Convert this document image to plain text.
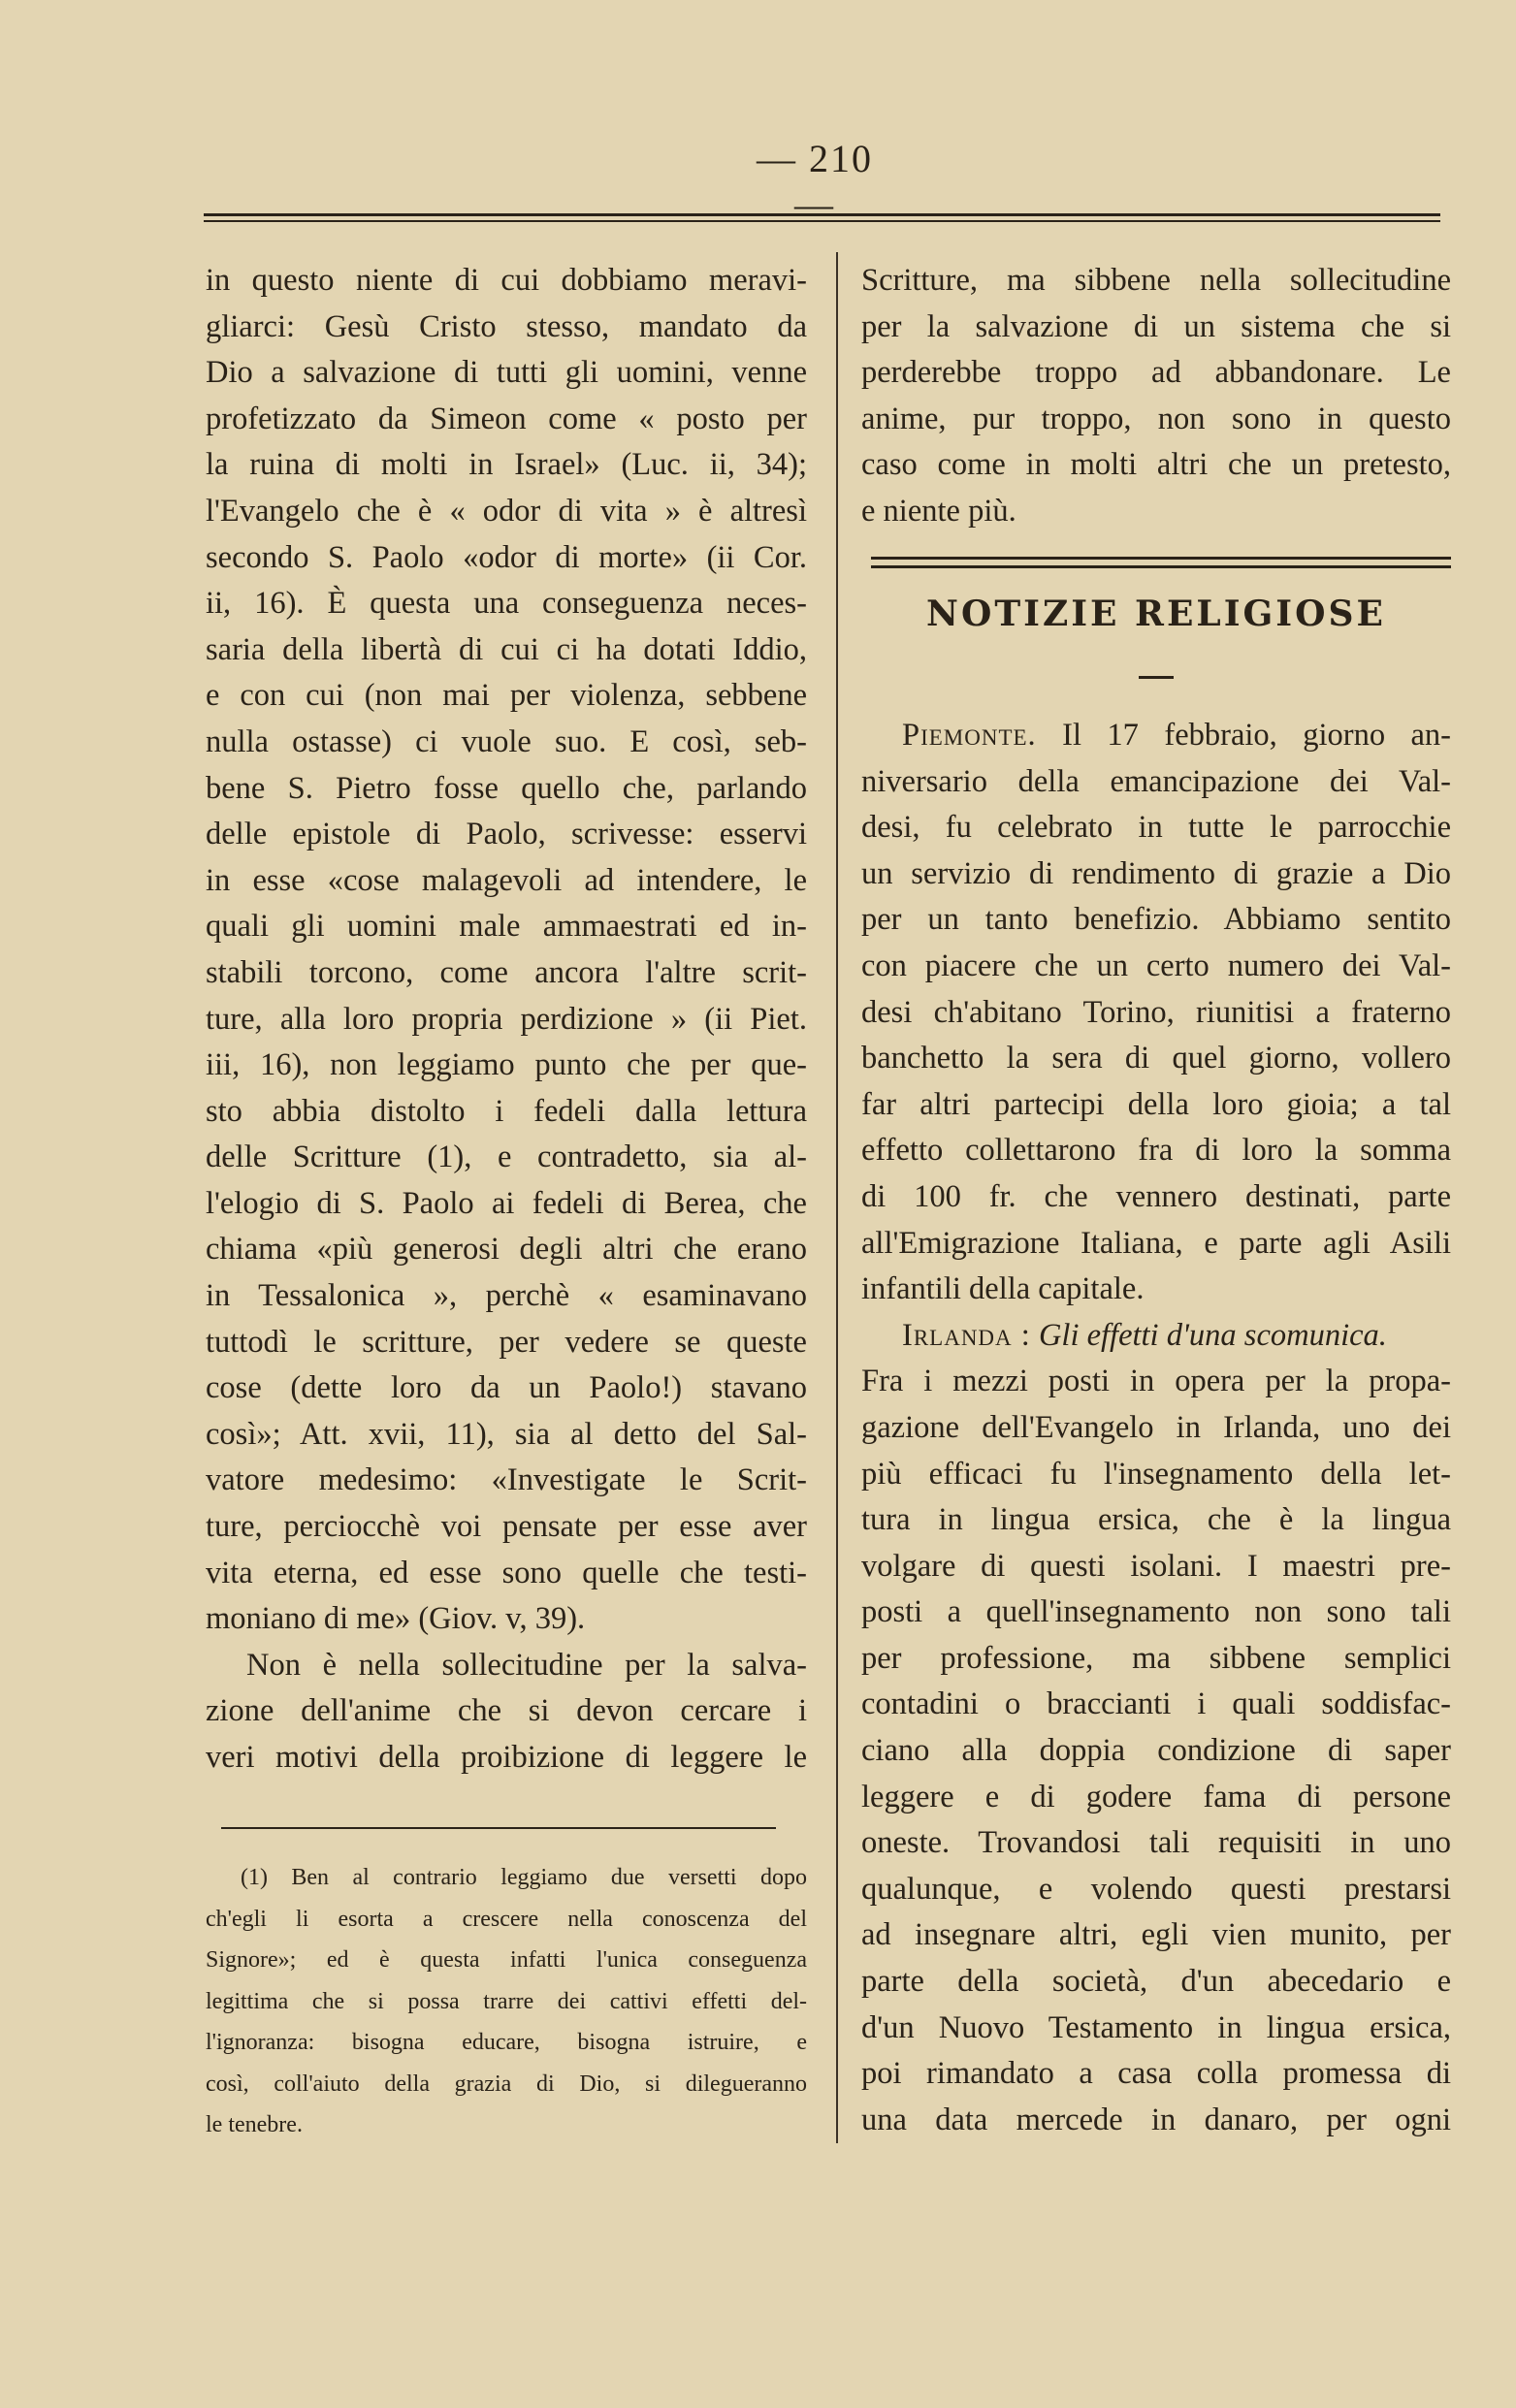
— 210 —

in questo niente di cui dobbiamo meravi-
gliarci: Gesù Cristo stesso, mandato da
Dio a salvazione di tutti gli uomini, venne
profetizzato da Simeon come « posto per
la ruina di molti in Israel» (Luc. ii, 34);
l'Evangelo che è « odor di vita » è altresì
secondo S. Paolo «odor di morte» (ii Cor.
ii, 16). È questa una conseguenza neces-
saria della libertà di cui ci ha dotati Iddio,
e con cui (non mai per violenza, sebbene
nulla ostasse) ci vuole suo. E così, seb-
bene S. Pietro fosse quello che, parlando
delle epistole di Paolo, scrivesse: esservi
in esse «cose malagevoli ad intendere, le
quali gli uomini male ammaestrati ed in-
stabili torcono, come ancora l'altre scrit-
ture, alla loro propria perdizione » (ii Piet.
iii, 16), non leggiamo punto che per que-
sto abbia distolto i fedeli dalla lettura
delle Scritture (1), e contradetto, sia al-
l'elogio di S. Paolo ai fedeli di Berea, che
chiama «più generosi degli altri che erano
in Tessalonica », perchè « esaminavano
tuttodì le scritture, per vedere se queste
cose (dette loro da un Paolo!) stavano
così»; Att. xvii, 11), sia al detto del Sal-
vatore medesimo: «Investigate le Scrit-
ture, perciocchè voi pensate per esse aver
vita eterna, ed esse sono quelle che testi-
moniano di me» (Giov. v, 39).

Non è nella sollecitudine per la salva-

zione dell'anime che si devon cercare i
veri motivi della proibizione di leggere le

(1) Ben al contrario leggiamo due versetti dopo
ch'egli li esorta a crescere nella conoscenza del
Signore»; ed è questa infatti l'unica conseguenza
legittima che si possa trarre dei cattivi effetti del-
l'ignoranza: bisogna educare, bisogna istruire, e
così, coll'aiuto della grazia di Dio, si dilegueranno
le tenebre.
Scritture, ma sibbene nella sollecitudine
per la salvazione di un sistema che si
perderebbe troppo ad abbandonare. Le
anime, pur troppo, non sono in questo
caso come in molti altri che un pretesto,
e niente più.
NOTIZIE RELIGIOSE
Piemonte. Il 17 febbraio, giorno an-
niversario della emancipazione dei Val-
desi, fu celebrato in tutte le parrocchie
un servizio di rendimento di grazie a Dio
per un tanto benefizio. Abbiamo sentito
con piacere che un certo numero dei Val-
desi ch'abitano Torino, riunitisi a fraterno
banchetto la sera di quel giorno, vollero
far altri partecipi della loro gioia; a tal
effetto collettarono fra di loro la somma
di 100 fr. che vennero destinati, parte
all'Emigrazione Italiana, e parte agli Asili
infantili della capitale.
Irlanda : Gli effetti d'una scomunica.
Fra i mezzi posti in opera per la propa-
gazione dell'Evangelo in Irlanda, uno dei
più efficaci fu l'insegnamento della let-
tura in lingua ersica, che è la lingua
volgare di questi isolani. I maestri pre-
posti a quell'insegnamento non sono tali
per professione, ma sibbene semplici
contadini o braccianti i quali soddisfac-
ciano alla doppia condizione di saper
leggere e di godere fama di persone
oneste. Trovandosi tali requisiti in uno
qualunque, e volendo questi prestarsi
ad insegnare altri, egli vien munito, per
parte della società, d'un abecedario e
d'un Nuovo Testamento in lingua ersica,
poi rimandato a casa colla promessa di
una data mercede in danaro, per ogni
